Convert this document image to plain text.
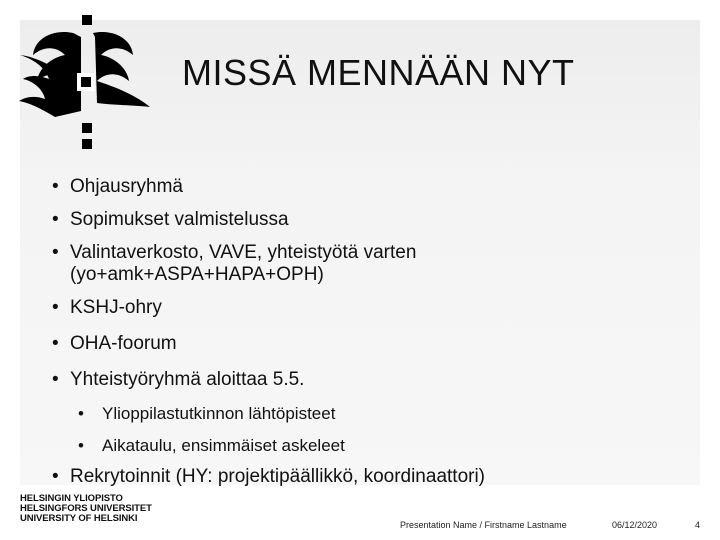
MISSÄ MENNÄÄN NYT
• Ohjausryhmä
• Sopimukset valmistelussa
• Valintaverkosto, VAVE, yhteistyötä varten
(yo+amk+ASPA+HAPA+OPH)
• KSHJ-ohry
• OHA-foorum
• Yhteistyöryhmä aloittaa 5.5.
• Ylioppilastutkinnon lähtöpisteet
• Aikataulu, ensimmäiset askeleet
• Rekrytoinnit (HY: projektipäällikkö, koordinaattori)
HELSINGIN YLIOPISTO
HELSINGFORS UNIVERSITET
UNIVERSITY OF HELSINKI
Presentation Name / Firstname Lastname	06/12/2020	4
